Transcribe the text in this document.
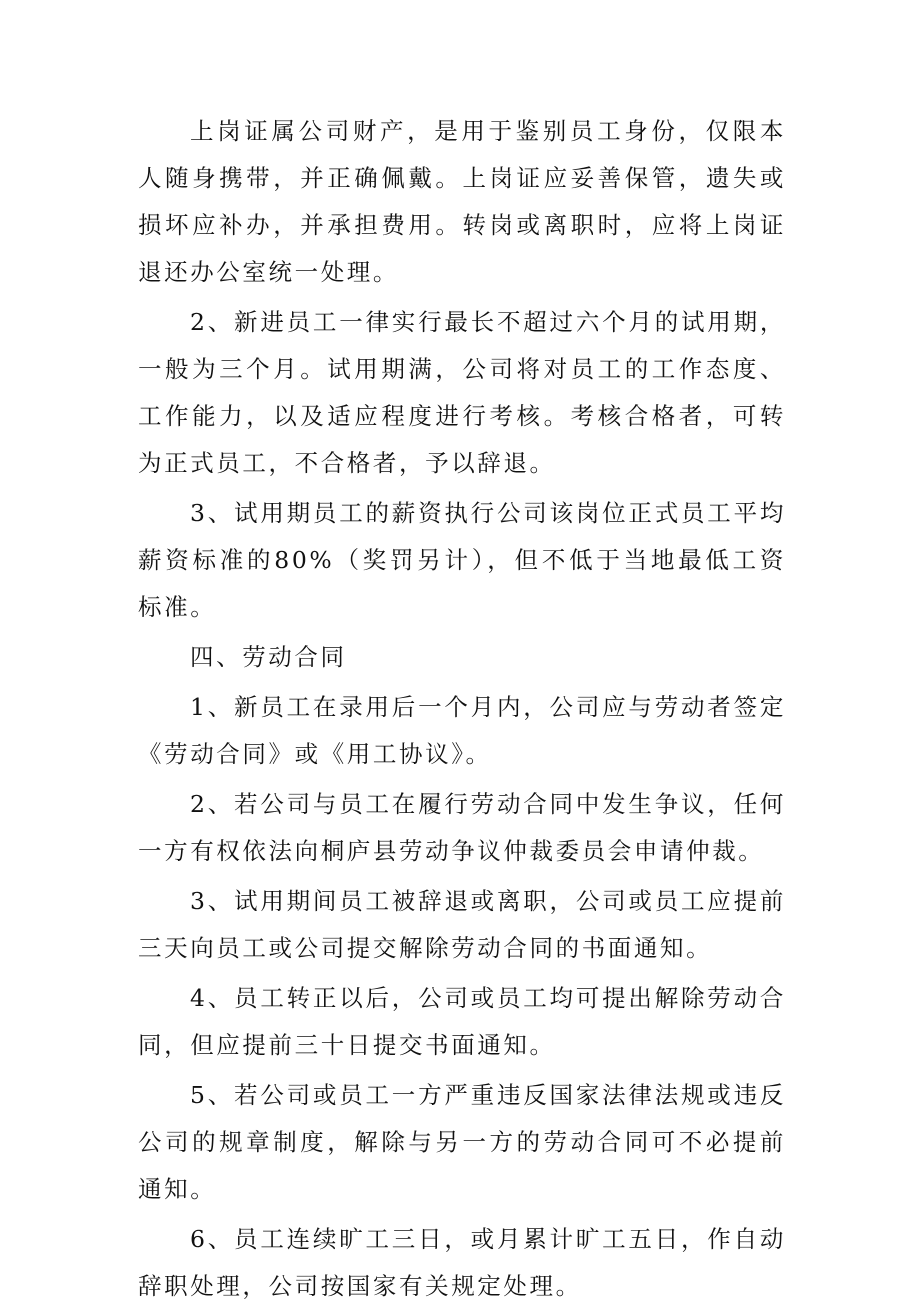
上岗证属公司财产，是用于鉴别员工身份，仅限本人随身携带，并正确佩戴。上岗证应妥善保管，遗失或损坏应补办，并承担费用。转岗或离职时，应将上岗证退还办公室统一处理。

2、新进员工一律实行最长不超过六个月的试用期，一般为三个月。试用期满，公司将对员工的工作态度、工作能力，以及适应程度进行考核。考核合格者，可转为正式员工，不合格者，予以辞退。

3、试用期员工的薪资执行公司该岗位正式员工平均薪资标准的80%（奖罚另计），但不低于当地最低工资标准。

四、劳动合同

1、新员工在录用后一个月内，公司应与劳动者签定《劳动合同》或《用工协议》。

2、若公司与员工在履行劳动合同中发生争议，任何一方有权依法向桐庐县劳动争议仲裁委员会申请仲裁。

3、试用期间员工被辞退或离职，公司或员工应提前三天向员工或公司提交解除劳动合同的书面通知。

4、员工转正以后，公司或员工均可提出解除劳动合同，但应提前三十日提交书面通知。

5、若公司或员工一方严重违反国家法律法规或违反公司的规章制度，解除与另一方的劳动合同可不必提前通知。

6、员工连续旷工三日，或月累计旷工五日，作自动辞职处理，公司按国家有关规定处理。
